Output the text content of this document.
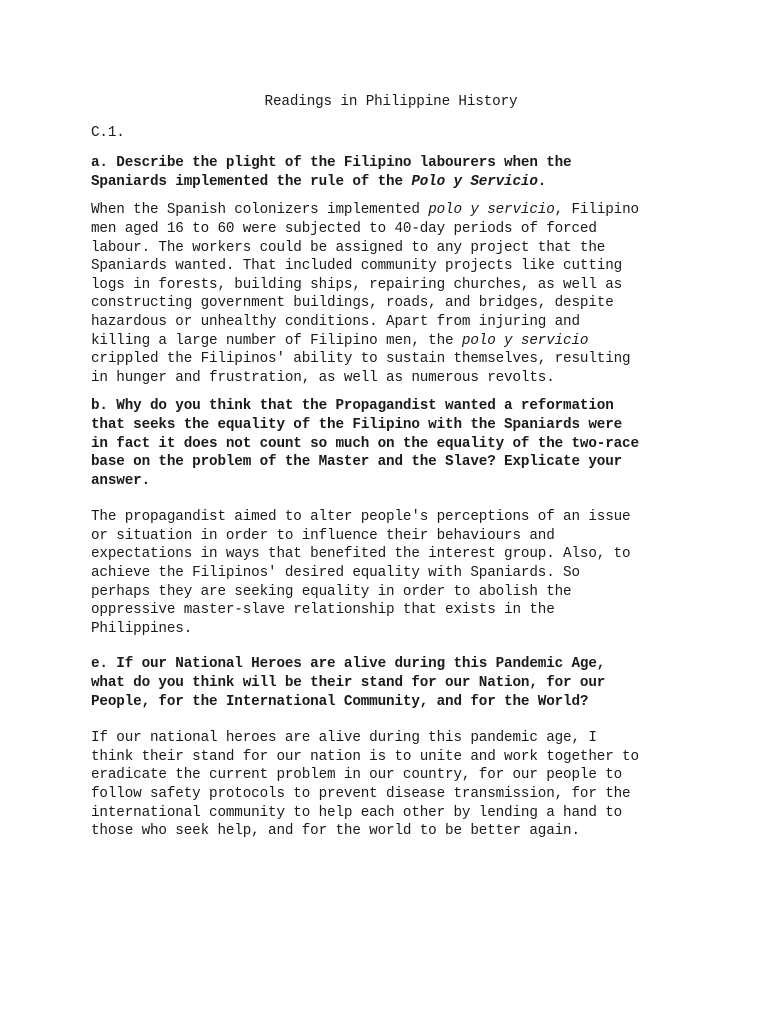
Readings in Philippine History
C.1.
a. Describe the plight of the Filipino labourers when the
Spaniards implemented the rule of the Polo y Servicio.
When the Spanish colonizers implemented polo y servicio, Filipino
men aged 16 to 60 were subjected to 40-day periods of forced
labour. The workers could be assigned to any project that the
Spaniards wanted. That included community projects like cutting
logs in forests, building ships, repairing churches, as well as
constructing government buildings, roads, and bridges, despite
hazardous or unhealthy conditions. Apart from injuring and
killing a large number of Filipino men, the polo y servicio
crippled the Filipinos' ability to sustain themselves, resulting
in hunger and frustration, as well as numerous revolts.
b. Why do you think that the Propagandist wanted a reformation
that seeks the equality of the Filipino with the Spaniards were
in fact it does not count so much on the equality of the two-race
base on the problem of the Master and the Slave? Explicate your
answer.
The propagandist aimed to alter people's perceptions of an issue
or situation in order to influence their behaviours and
expectations in ways that benefited the interest group. Also, to
achieve the Filipinos' desired equality with Spaniards. So
perhaps they are seeking equality in order to abolish the
oppressive master-slave relationship that exists in the
Philippines.
e. If our National Heroes are alive during this Pandemic Age,
what do you think will be their stand for our Nation, for our
People, for the International Community, and for the World?
If our national heroes are alive during this pandemic age, I
think their stand for our nation is to unite and work together to
eradicate the current problem in our country, for our people to
follow safety protocols to prevent disease transmission, for the
international community to help each other by lending a hand to
those who seek help, and for the world to be better again.
